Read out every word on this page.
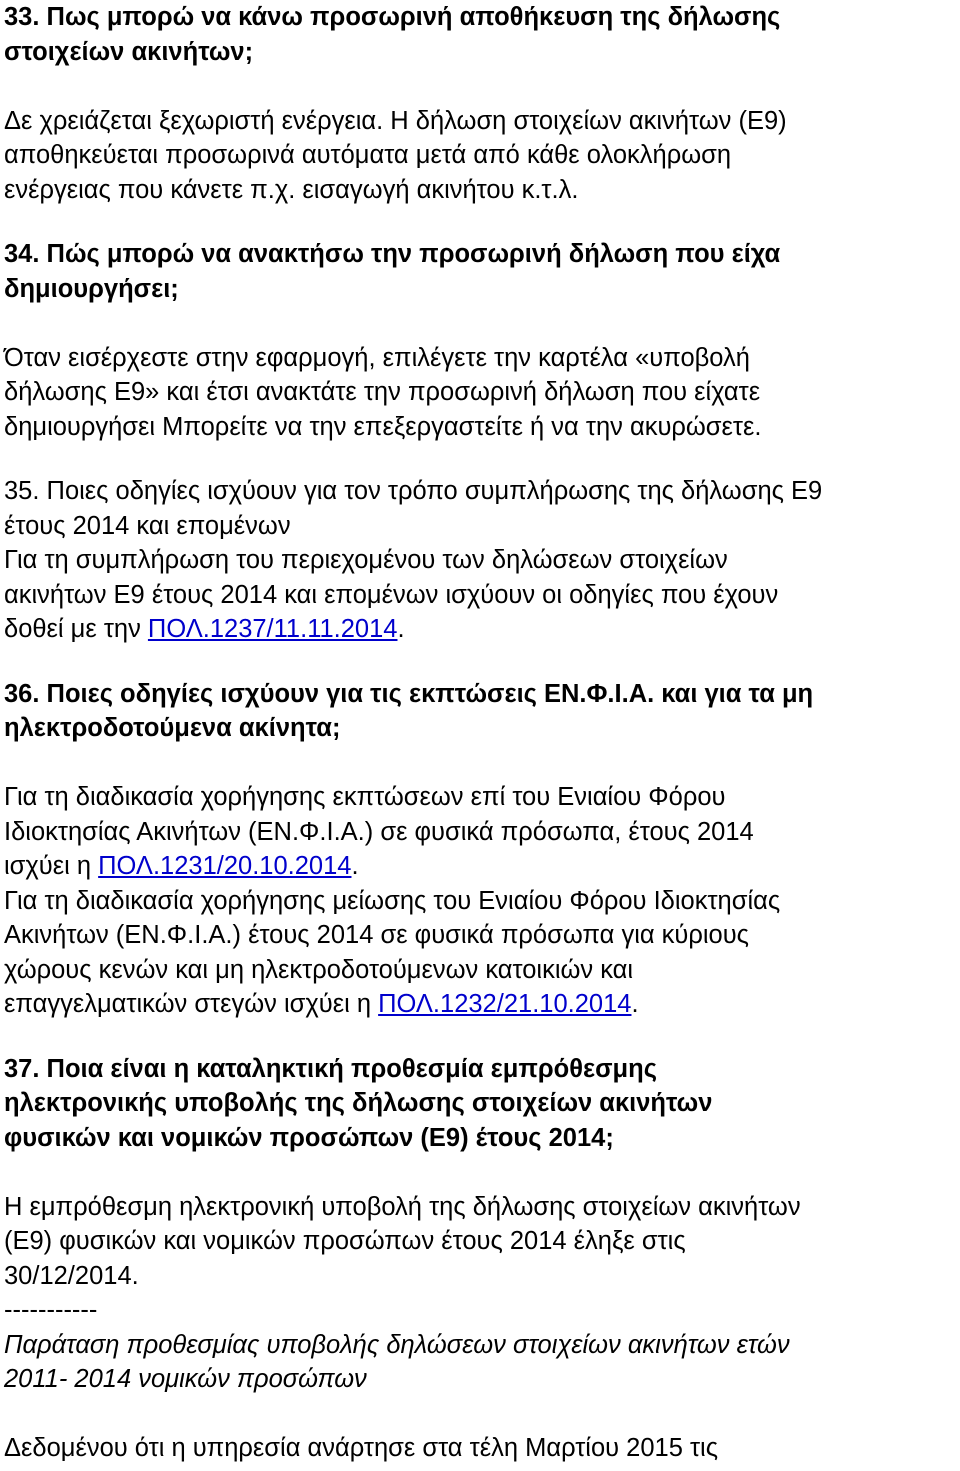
33. Πως μπορώ να κάνω προσωρινή αποθήκευση της δήλωσης
στοιχείων ακινήτων;

Δε χρειάζεται ξεχωριστή ενέργεια. Η δήλωση στοιχείων ακινήτων (Ε9)
αποθηκεύεται προσωρινά αυτόματα μετά από κάθε ολοκλήρωση
ενέργειας που κάνετε π.χ. εισαγωγή ακινήτου κ.τ.λ.

34. Πώς μπορώ να ανακτήσω την προσωρινή δήλωση που είχα
δημιουργήσει;

Όταν εισέρχεστε στην εφαρμογή, επιλέγετε την καρτέλα «υποβολή
δήλωσης Ε9» και έτσι ανακτάτε την προσωρινή δήλωση που είχατε
δημιουργήσει Μπορείτε να την επεξεργαστείτε ή να την ακυρώσετε.

35. Ποιες οδηγίες ισχύουν για τον τρόπο συμπλήρωσης της δήλωσης Ε9
έτους 2014 και επομένων

Για τη συμπλήρωση του περιεχομένου των δηλώσεων στοιχείων
ακινήτων Ε9 έτους 2014 και επομένων ισχύουν οι οδηγίες που έχουν
δοθεί με την ΠΟΛ.1237/11.11.2014.

36. Ποιες οδηγίες ισχύουν για τις εκπτώσεις ΕΝ.Φ.Ι.Α. και για τα μη
ηλεκτροδοτούμενα ακίνητα;

Για τη διαδικασία χορήγησης εκπτώσεων επί του Ενιαίου Φόρου
Ιδιοκτησίας Ακινήτων (ΕΝ.Φ.Ι.Α.) σε φυσικά πρόσωπα, έτους 2014
ισχύει η ΠΟΛ.1231/20.10.2014.
Για τη διαδικασία χορήγησης μείωσης του Ενιαίου Φόρου Ιδιοκτησίας
Ακινήτων (ΕΝ.Φ.Ι.Α.) έτους 2014 σε φυσικά πρόσωπα για κύριους
χώρους κενών και μη ηλεκτροδοτούμενων κατοικιών και
επαγγελματικών στεγών ισχύει η ΠΟΛ.1232/21.10.2014.

37. Ποια είναι η καταληκτική προθεσμία εμπρόθεσμης
ηλεκτρονικής υποβολής της δήλωσης στοιχείων ακινήτων
φυσικών και νομικών προσώπων (Ε9) έτους 2014;

Η εμπρόθεσμη ηλεκτρονική υποβολή της δήλωσης στοιχείων ακινήτων
(Ε9) φυσικών και νομικών προσώπων έτους 2014 έληξε στις
30/12/2014.
-----------

Παράταση προθεσμίας υποβολής δηλώσεων στοιχείων ακινήτων ετών
2011- 2014 νομικών προσώπων

Δεδομένου ότι η υπηρεσία ανάρτησε στα τέλη Μαρτίου 2015 τις
